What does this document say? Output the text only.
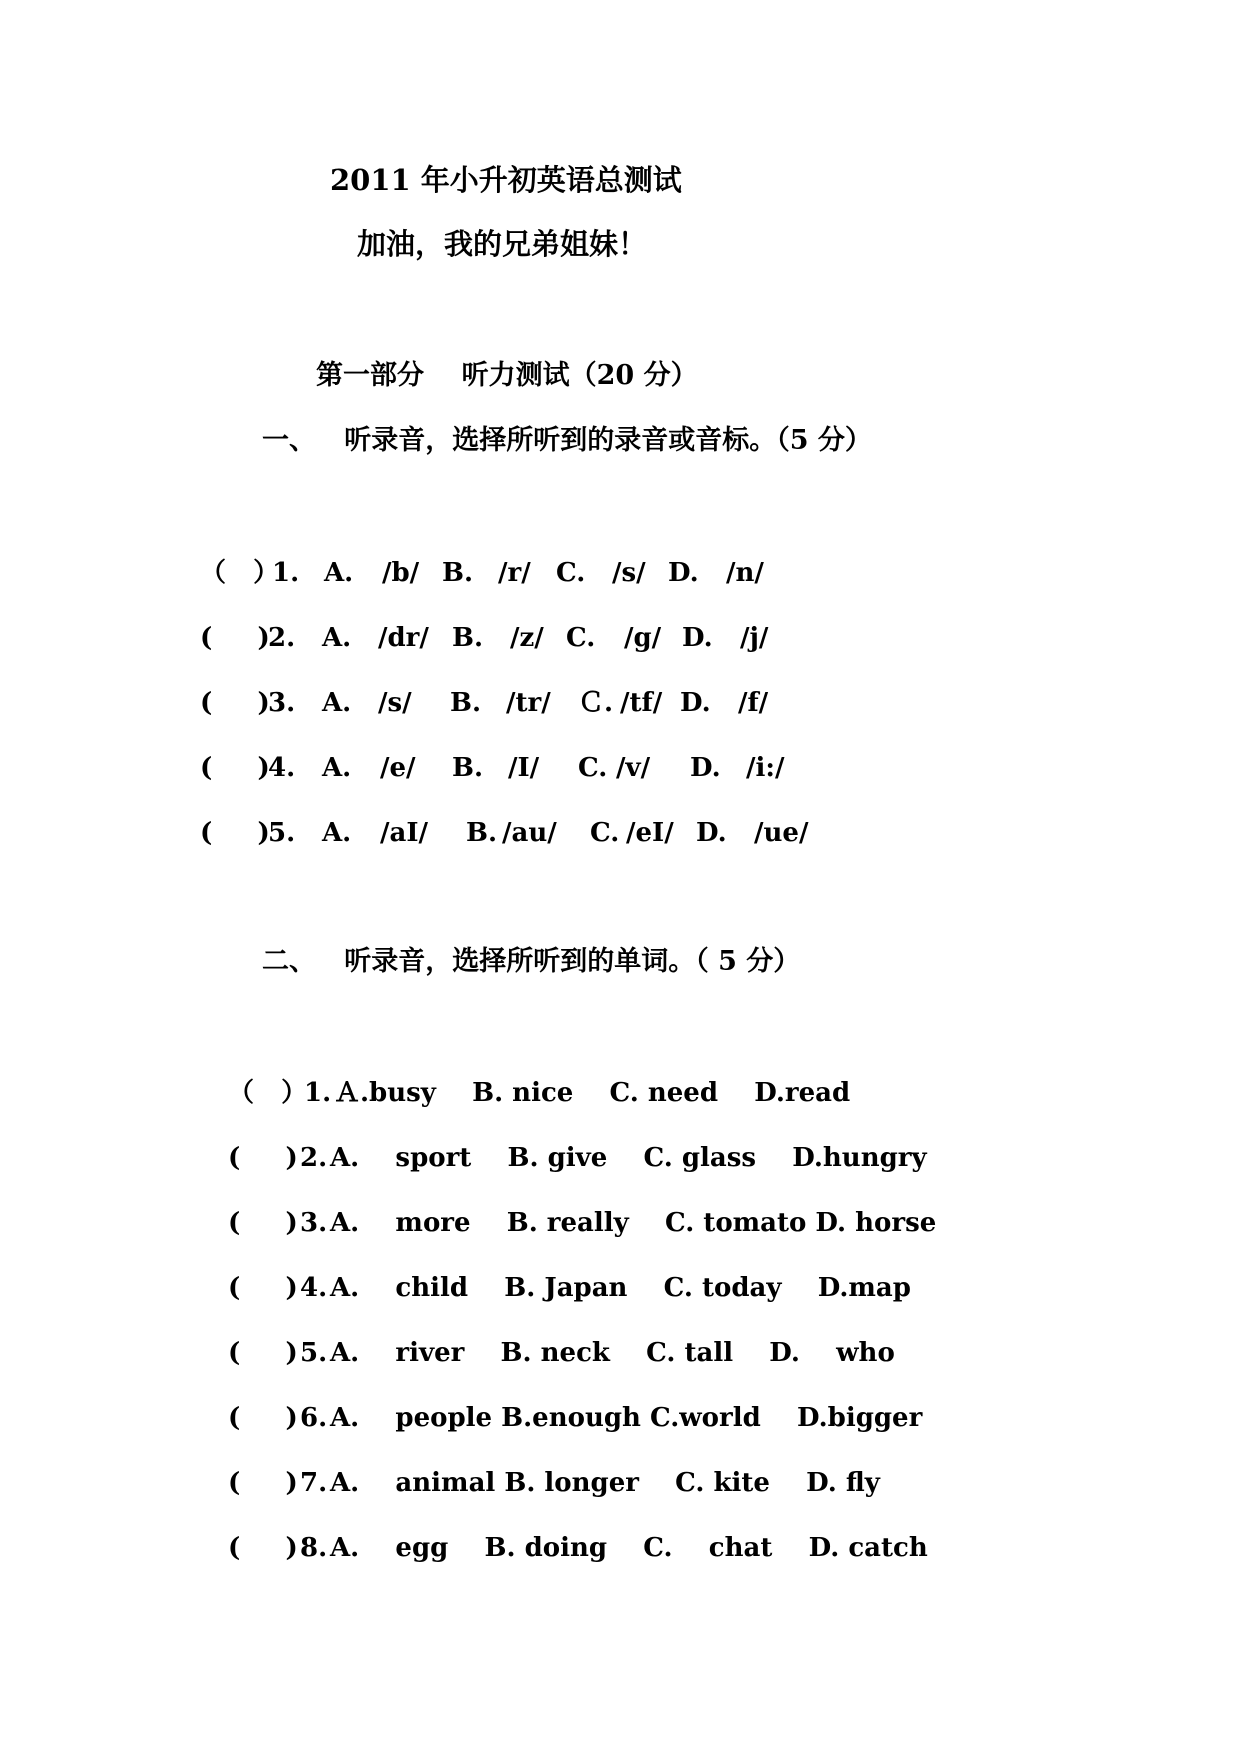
2011 年小升初英语总测试
加油，我的兄弟姐妹！
第一部分    听力测试（20 分）
一、   听录音，选择所听到的录音或音标。（5 分）
（   ）
1. A. /b/ B. /r/ C. /s/ D. /n/
(     )
2. A. /dr/ B. /z/ C. /g/ D. /j/
(     )
3. A. /s/ B. /tr/ Ｃ. /tf/ D. /f/
(     )
4. A. /e/ B. /I/ C. /v/ D. /i:/
(     )
5. A. /aI/ B. /au/ C. /eI/ D. /ue/
二、   听录音，选择所听到的单词。（ 5 分）
（   ）
1. Ａ.busy    B. nice    C. need    D.read
(     ) 2. A.    sport    B. give    C. glass    D.hungry
(     ) 3. A.    more    B. really    C. tomato D. horse
(     ) 4. A.    child    B. Japan    C. today    D.map
(     ) 5. A.    river    B. neck    C. tall    D.    who
(     ) 6. A.    people B.enough C.world    D.bigger
(     ) 7. A.    animal B. longer    C. kite    D. fly
(     ) 8. A.    egg    B. doing    C.    chat    D. catch
